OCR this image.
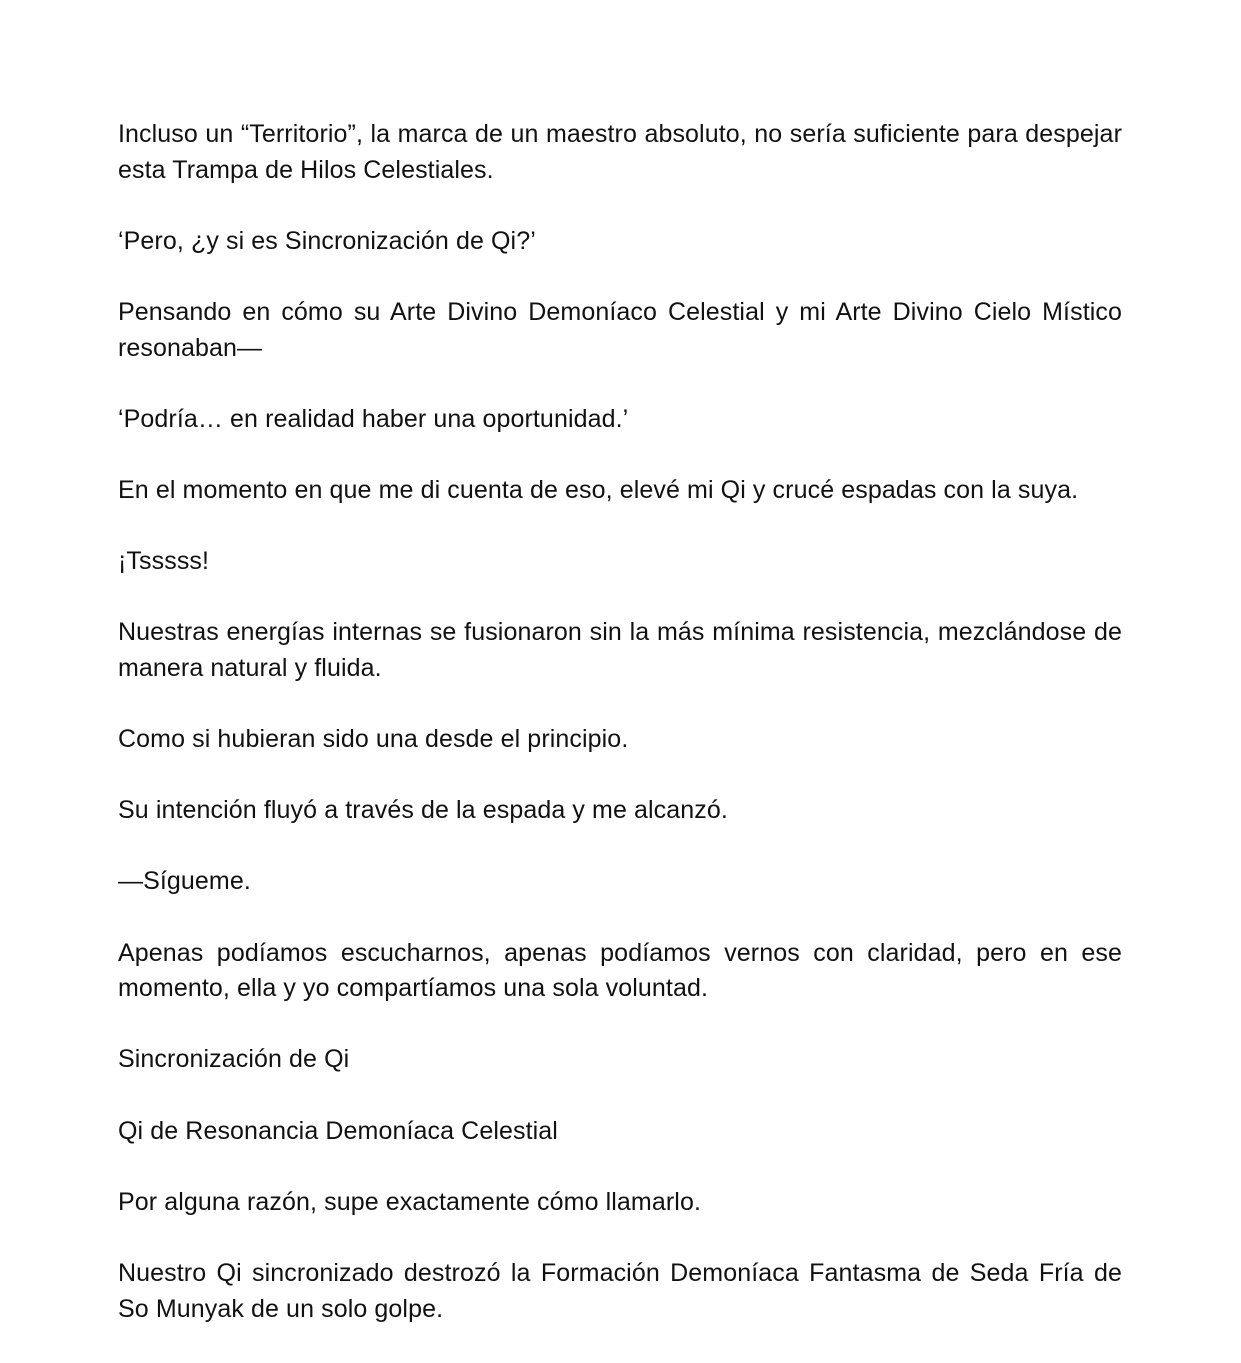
Incluso un “Territorio”, la marca de un maestro absoluto, no sería suficiente para despejar esta Trampa de Hilos Celestiales.

‘Pero, ¿y si es Sincronización de Qi?’

Pensando en cómo su Arte Divino Demoníaco Celestial y mi Arte Divino Cielo Místico resonaban—

‘Podría… en realidad haber una oportunidad.’

En el momento en que me di cuenta de eso, elevé mi Qi y crucé espadas con la suya.

¡Tsssss!

Nuestras energías internas se fusionaron sin la más mínima resistencia, mezclándose de manera natural y fluida.

Como si hubieran sido una desde el principio.

Su intención fluyó a través de la espada y me alcanzó.

—Sígueme.

Apenas podíamos escucharnos, apenas podíamos vernos con claridad, pero en ese momento, ella y yo compartíamos una sola voluntad.

Sincronización de Qi

Qi de Resonancia Demoníaca Celestial

Por alguna razón, supe exactamente cómo llamarlo.

Nuestro Qi sincronizado destrozó la Formación Demoníaca Fantasma de Seda Fría de So Munyak de un solo golpe.
